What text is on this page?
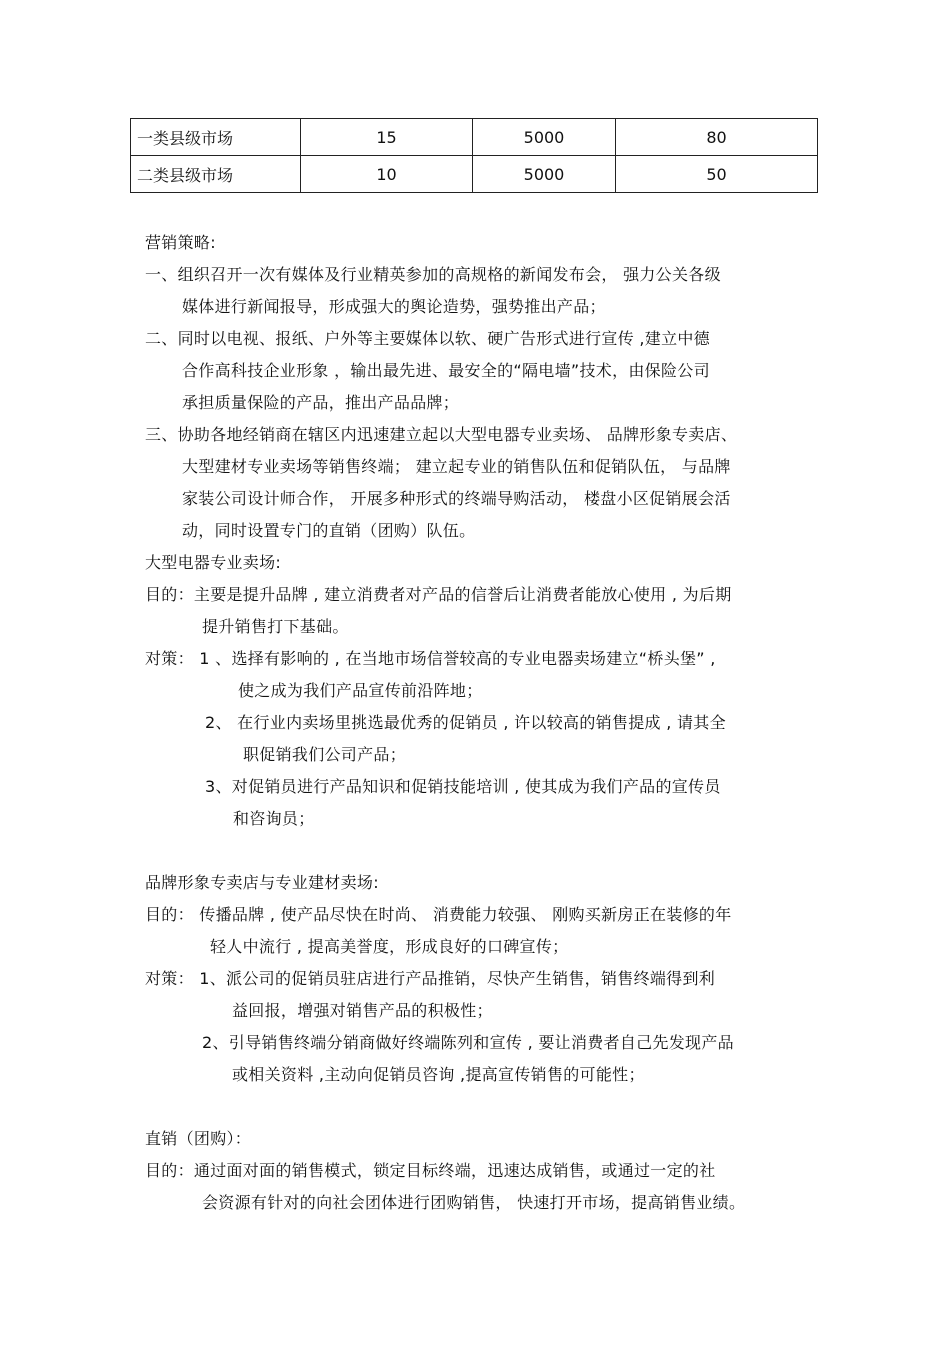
一类县级市场	15	5000	80
二类县级市场	10	5000	50
营销策略:
一、组织召开一次有媒体及行业精英参加的高规格的新闻发布会， 强力公关各级
媒体进行新闻报导，形成强大的舆论造势，强势推出产品；
二、同时以电视、报纸、户外等主要媒体以软、硬广告形式进行宣传 ,建立中德
合作高科技企业形象 ，输出最先进、最安全的“隔电墙”技术，由保险公司
承担质量保险的产品，推出产品品牌；
三、协助各地经销商在辖区内迅速建立起以大型电器专业卖场、 品牌形象专卖店、
大型建材专业卖场等销售终端； 建立起专业的销售队伍和促销队伍， 与品牌
家装公司设计师合作， 开展多种形式的终端导购活动， 楼盘小区促销展会活
动，同时设置专门的直销（团购）队伍。
大型电器专业卖场:
目的：主要是提升品牌 , 建立消费者对产品的信誉后让消费者能放心使用 , 为后期
提升销售打下基础。
对策： 1 、选择有影响的 , 在当地市场信誉较高的专业电器卖场建立“桥头堡” ,
使之成为我们产品宣传前沿阵地；
2、 在行业内卖场里挑选最优秀的促销员 , 许以较高的销售提成 , 请其全
职促销我们公司产品；
3、对促销员进行产品知识和促销技能培训 , 使其成为我们产品的宣传员
和咨询员；
品牌形象专卖店与专业建材卖场:
目的： 传播品牌 , 使产品尽快在时尚、 消费能力较强、 刚购买新房正在装修的年
轻人中流行 , 提高美誉度，形成良好的口碑宣传；
对策： 1、派公司的促销员驻店进行产品推销，尽快产生销售，销售终端得到利
益回报，增强对销售产品的积极性；
2、引导销售终端分销商做好终端陈列和宣传 , 要让消费者自己先发现产品
或相关资料 ,主动向促销员咨询 ,提高宣传销售的可能性；
直销（团购）：
目的：通过面对面的销售模式，锁定目标终端，迅速达成销售，或通过一定的社
会资源有针对的向社会团体进行团购销售， 快速打开市场，提高销售业绩。
